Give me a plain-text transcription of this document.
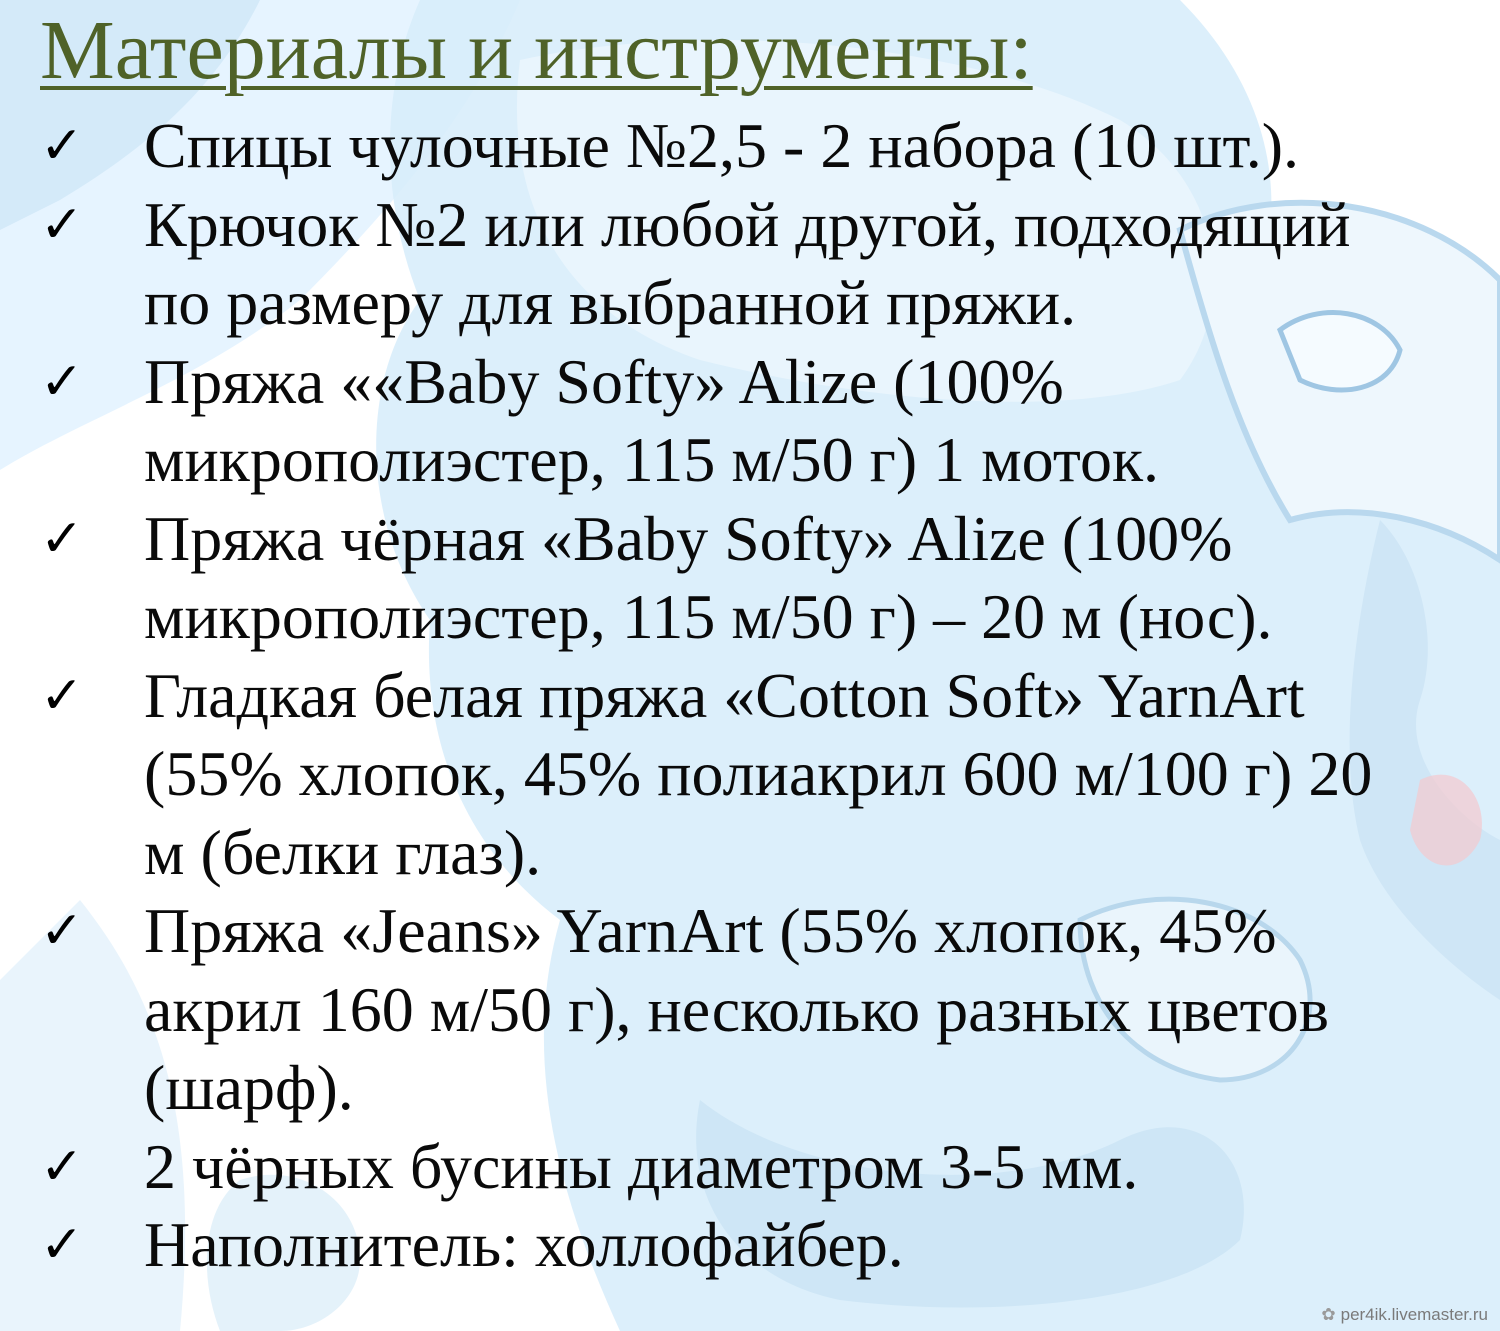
Материалы и инструменты:
✓ Спицы чулочные №2,5 - 2 набора (10 шт.).
✓ Крючок №2 или любой другой, подходящий
по размеру для выбранной пряжи.
✓ Пряжа ««Baby Softy» Alize (100%
микрополиэстер, 115 м/50 г) 1 моток.
✓ Пряжа чёрная «Baby Softy» Alize (100%
микрополиэстер, 115 м/50 г) – 20 м (нос).
✓ Гладкая белая пряжа «Cotton Soft» YarnArt
(55% хлопок, 45% полиакрил 600 м/100 г) 20
м (белки глаз).
✓ Пряжа «Jeans» YarnArt (55% хлопок, 45%
акрил 160 м/50 г), несколько разных цветов
(шарф).
✓ 2 чёрных бусины диаметром 3-5 мм.
✓ Наполнитель: холлофайбер.
✿ per4ik.livemaster.ru
